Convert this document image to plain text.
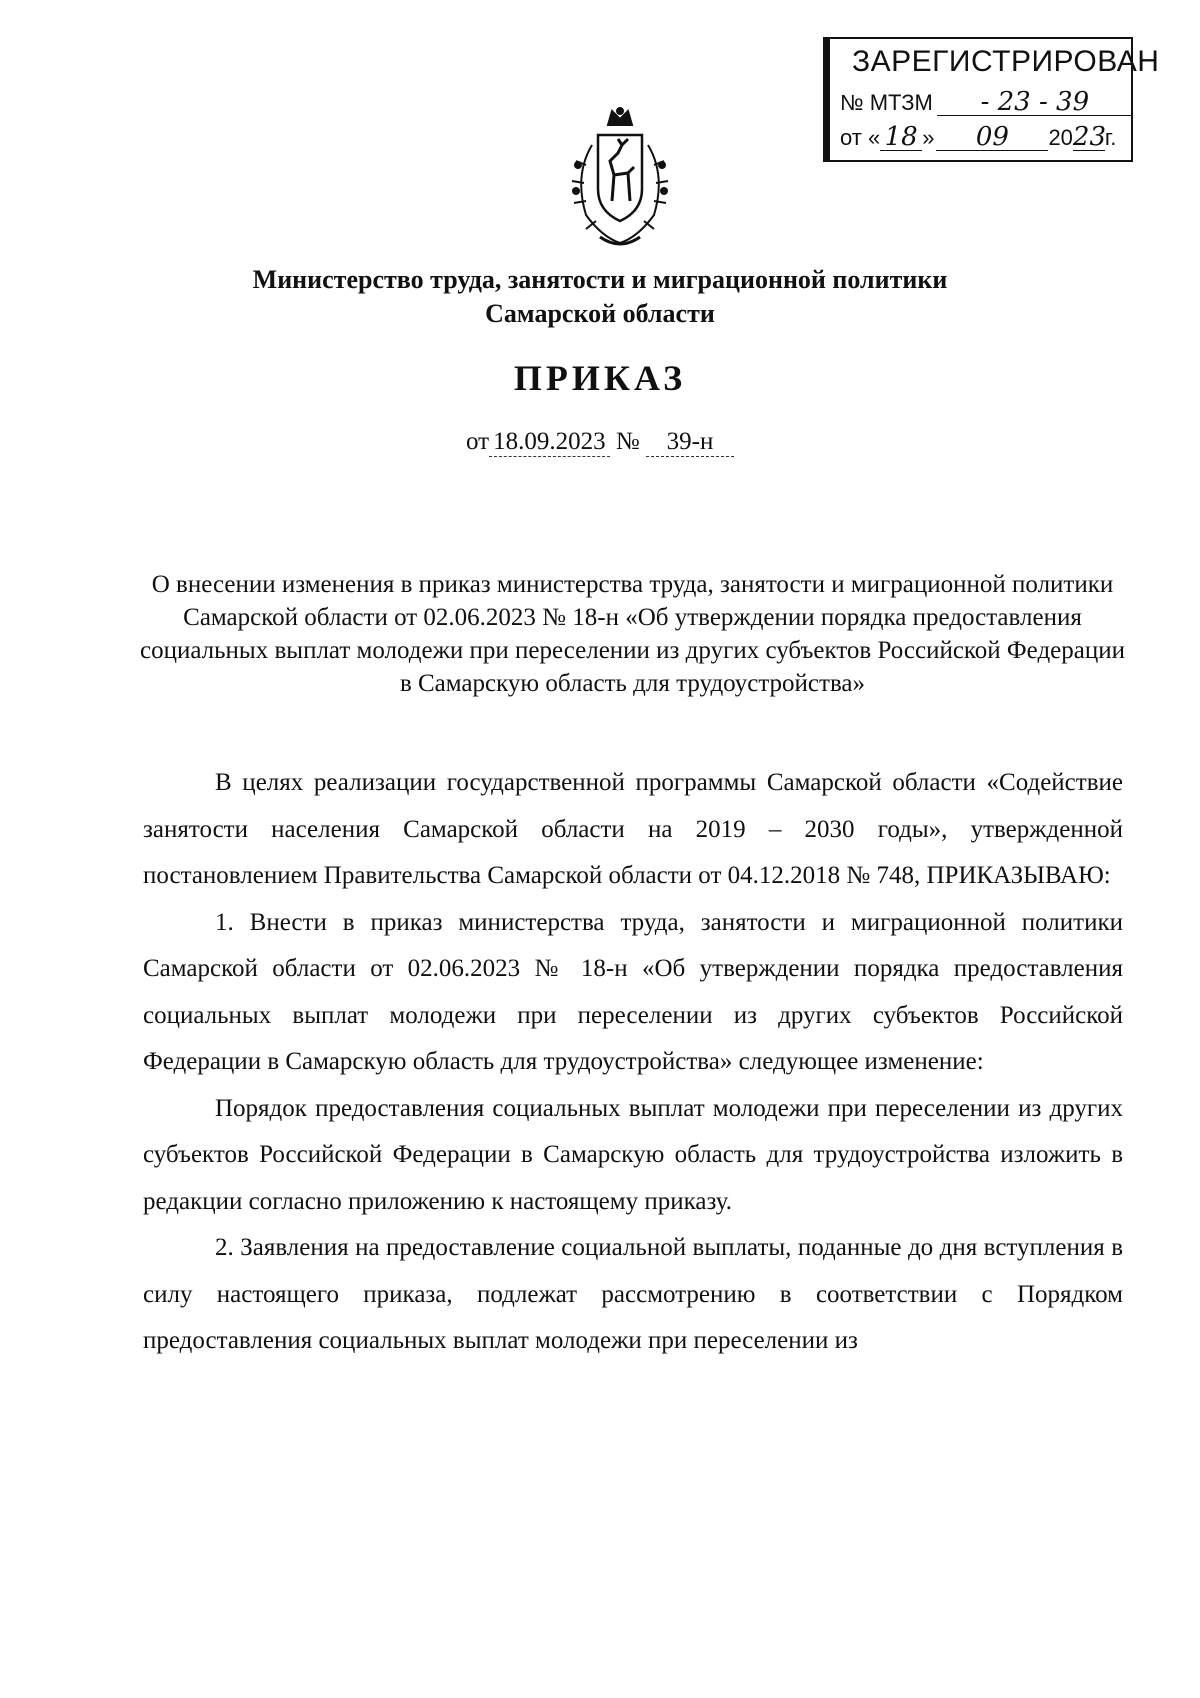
ЗАРЕГИСТРИРОВАН
№ МТЗМ - 23 - 39
от « 18 » 09 2023г.
Министерство труда, занятости и миграционной политики
Самарской области
ПРИКАЗ
от 18.09.2023 № 39-н
О внесении изменения в приказ министерства труда, занятости и миграционной политики Самарской области от 02.06.2023 № 18-н «Об утверждении порядка предоставления социальных выплат молодежи при переселении из других субъектов Российской Федерации в Самарскую область для трудоустройства»

В целях реализации государственной программы Самарской области «Содействие занятости населения Самарской области на 2019 – 2030 годы», утвержденной постановлением Правительства Самарской области от 04.12.2018 № 748, ПРИКАЗЫВАЮ:

1. Внести в приказ министерства труда, занятости и миграционной политики Самарской области от 02.06.2023 № 18-н «Об утверждении порядка предоставления социальных выплат молодежи при переселении из других субъектов Российской Федерации в Самарскую область для трудоустройства» следующее изменение:

Порядок предоставления социальных выплат молодежи при переселении из других субъектов Российской Федерации в Самарскую область для трудоустройства изложить в редакции согласно приложению к настоящему приказу.

2. Заявления на предоставление социальной выплаты, поданные до дня вступления в силу настоящего приказа, подлежат рассмотрению в соответствии с Порядком предоставления социальных выплат молодежи при переселении из
